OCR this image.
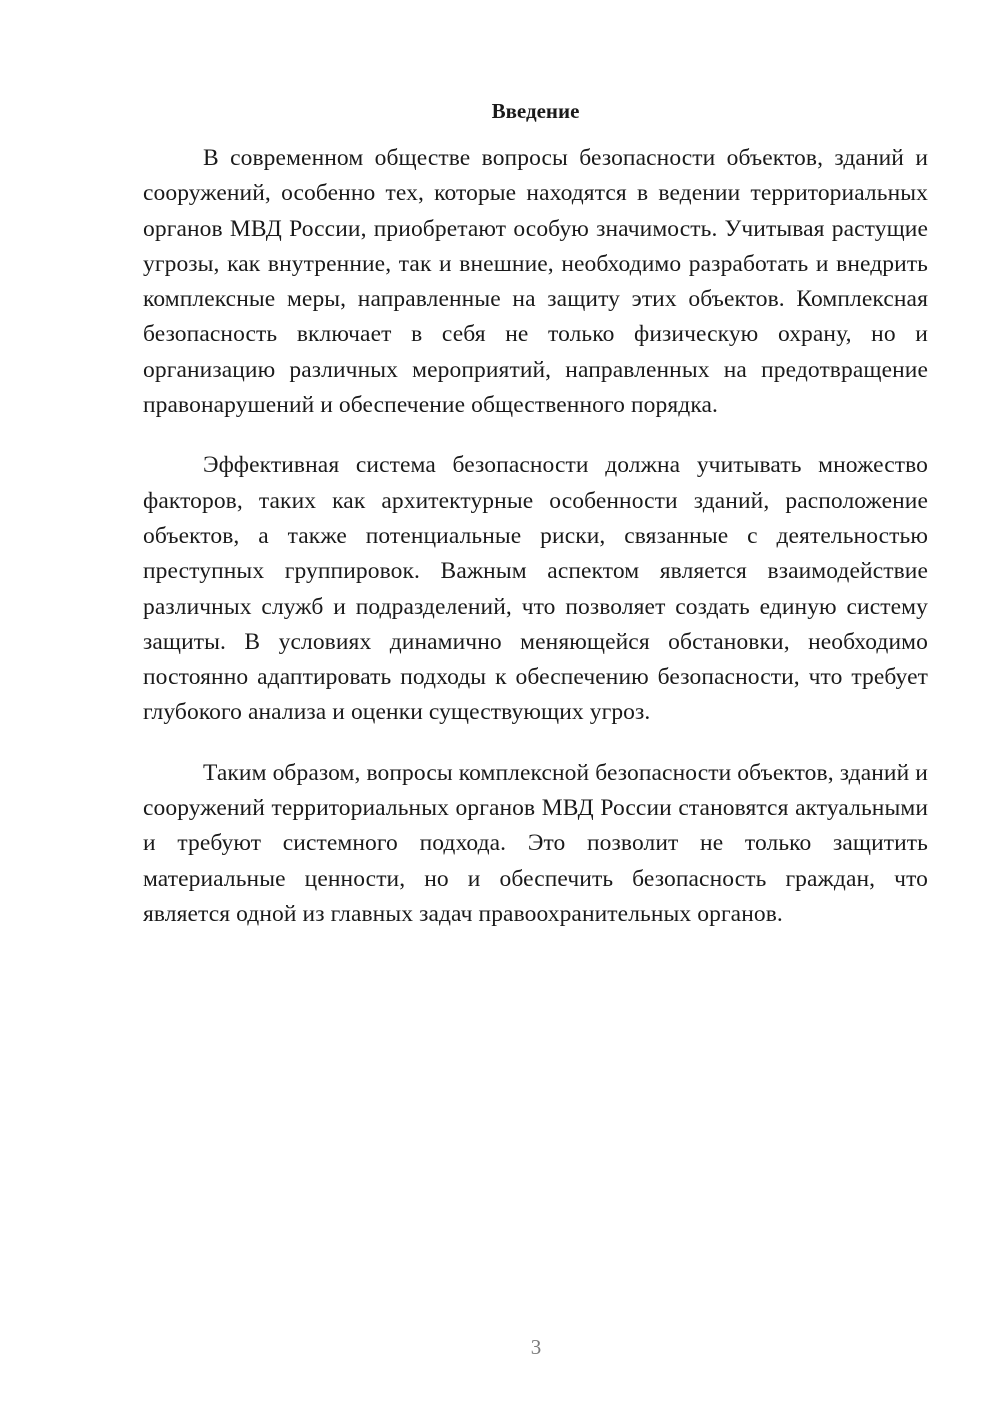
Введение

В современном обществе вопросы безопасности объектов, зданий и сооружений, особенно тех, которые находятся в ведении территориальных органов МВД России, приобретают особую значимость. Учитывая растущие угрозы, как внутренние, так и внешние, необходимо разработать и внедрить комплексные меры, направленные на защиту этих объектов. Комплексная безопасность включает в себя не только физическую охрану, но и организацию различных мероприятий, направленных на предотвращение правонарушений и обеспечение общественного порядка.

Эффективная система безопасности должна учитывать множество факторов, таких как архитектурные особенности зданий, расположение объектов, а также потенциальные риски, связанные с деятельностью преступных группировок. Важным аспектом является взаимодействие различных служб и подразделений, что позволяет создать единую систему защиты. В условиях динамично меняющейся обстановки, необходимо постоянно адаптировать подходы к обеспечению безопасности, что требует глубокого анализа и оценки существующих угроз.

Таким образом, вопросы комплексной безопасности объектов, зданий и сооружений территориальных органов МВД России становятся актуальными и требуют системного подхода. Это позволит не только защитить материальные ценности, но и обеспечить безопасность граждан, что является одной из главных задач правоохранительных органов.

3
